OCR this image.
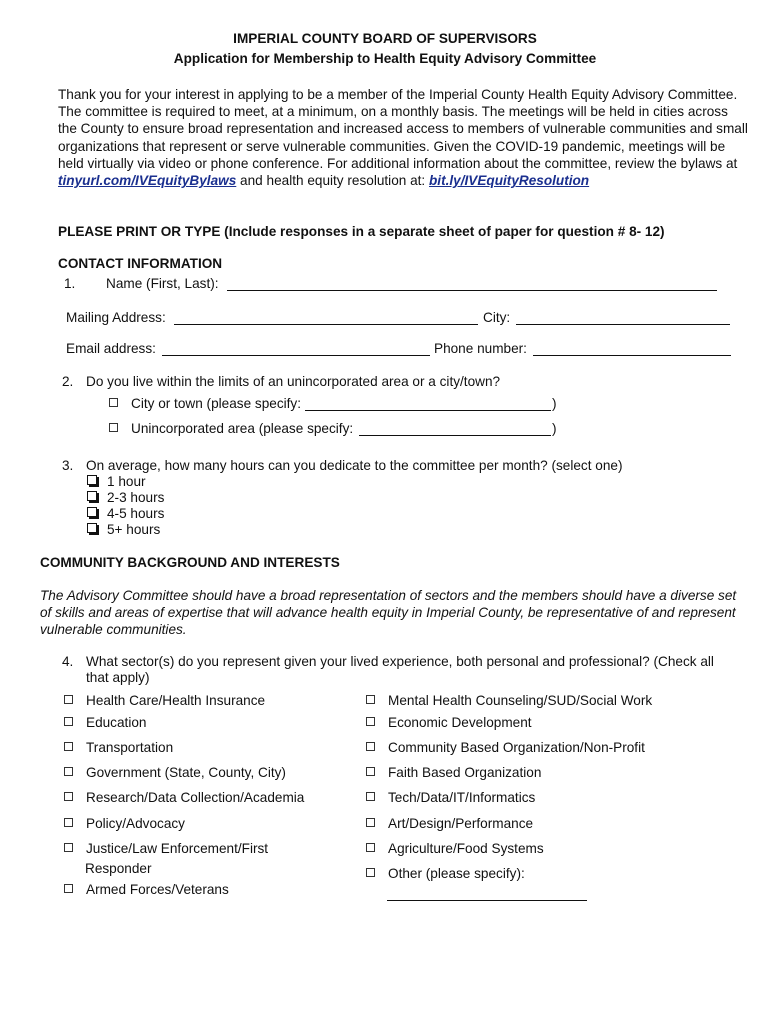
IMPERIAL COUNTY BOARD OF SUPERVISORS
Application for Membership to Health Equity Advisory Committee
Thank you for your interest in applying to be a member of the Imperial County Health Equity Advisory Committee. The committee is required to meet, at a minimum, on a monthly basis. The meetings will be held in cities across the County to ensure broad representation and increased access to members of vulnerable communities and small organizations that represent or serve vulnerable communities. Given the COVID-19 pandemic, meetings will be held virtually via video or phone conference. For additional information about the committee, review the bylaws at tinyurl.com/IVEquityBylaws and health equity resolution at: bit.ly/IVEquityResolution
PLEASE PRINT OR TYPE (Include responses in a separate sheet of paper for question # 8- 12)
CONTACT INFORMATION
1. Name (First, Last):
Mailing Address:	City:
Email address:	Phone number:
2. Do you live within the limits of an unincorporated area or a city/town?
City or town (please specify:	)
Unincorporated area (please specify:	)
3. On average, how many hours can you dedicate to the committee per month? (select one)
1 hour
2-3 hours
4-5 hours
5+ hours
COMMUNITY BACKGROUND AND INTERESTS
The Advisory Committee should have a broad representation of sectors and the members should have a diverse set of skills and areas of expertise that will advance health equity in Imperial County, be representative of and represent vulnerable communities.
4. What sector(s) do you represent given your lived experience, both personal and professional? (Check all
that apply)
Health Care/Health Insurance
Education
Transportation
Government (State, County, City)
Research/Data Collection/Academia
Policy/Advocacy
Justice/Law Enforcement/First
Responder
Armed Forces/Veterans
Mental Health Counseling/SUD/Social Work
Economic Development
Community Based Organization/Non-Profit
Faith Based Organization
Tech/Data/IT/Informatics
Art/Design/Performance
Agriculture/Food Systems
Other (please specify):
